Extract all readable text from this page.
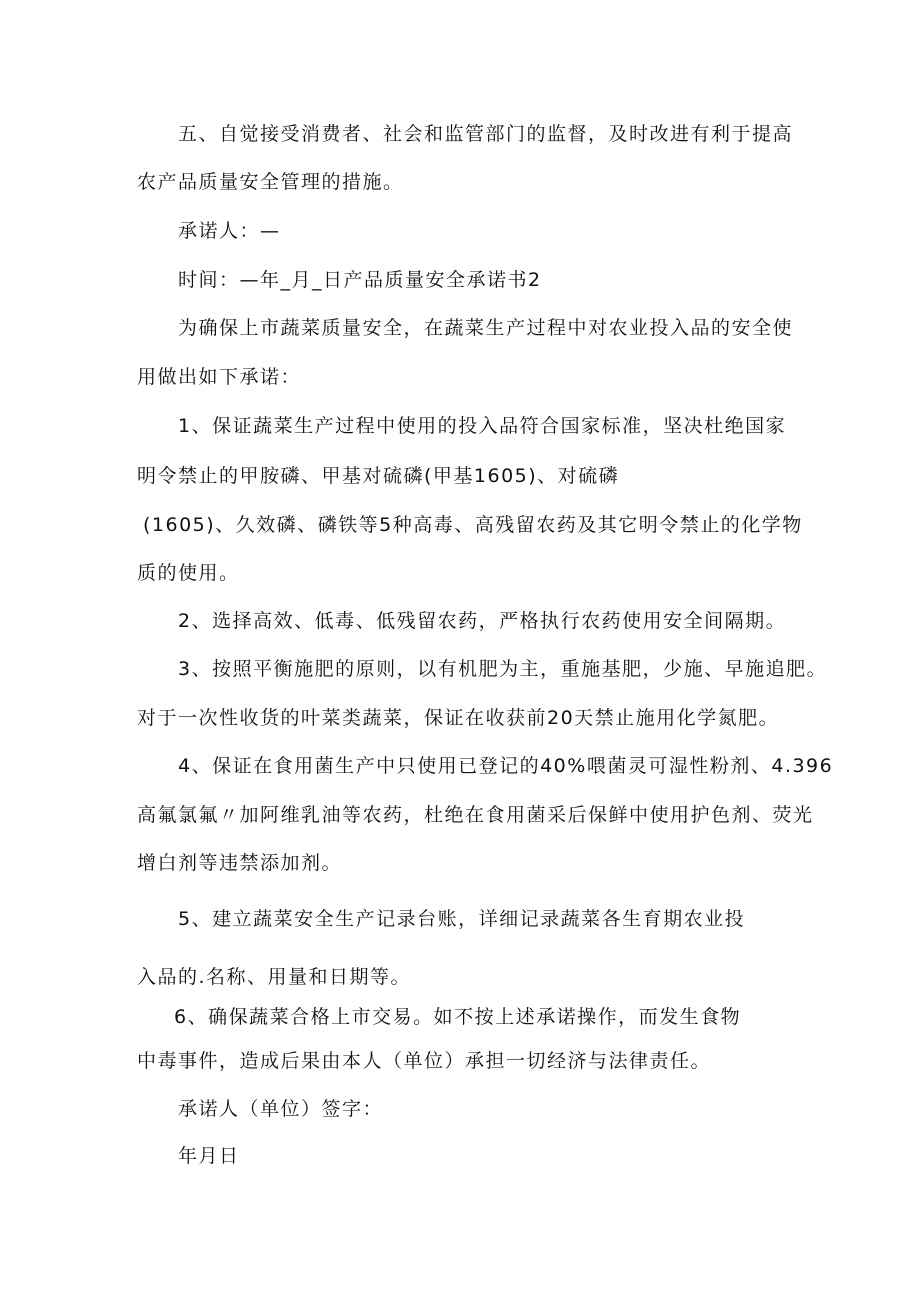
五、自觉接受消费者、社会和监管部门的监督，及时改进有利于提高
农产品质量安全管理的措施。
承诺人：—
时间：—年_月_日产品质量安全承诺书2
为确保上市蔬菜质量安全，在蔬菜生产过程中对农业投入品的安全使
用做出如下承诺：
1、保证蔬菜生产过程中使用的投入品符合国家标准，坚决杜绝国家
明令禁止的甲胺磷、甲基对硫磷(甲基1605)、对硫磷
(1605)、久效磷、磷铁等5种高毒、高残留农药及其它明令禁止的化学物
质的使用。
2、选择高效、低毒、低残留农药，严格执行农药使用安全间隔期。
3、按照平衡施肥的原则，以有机肥为主，重施基肥，少施、早施追肥。
对于一次性收货的叶菜类蔬菜，保证在收获前20天禁止施用化学氮肥。
4、保证在食用菌生产中只使用已登记的40%喂菌灵可湿性粉剂、4.396
高氟氯氟〃加阿维乳油等农药，杜绝在食用菌采后保鲜中使用护色剂、荧光
增白剂等违禁添加剂。
5、建立蔬菜安全生产记录台账，详细记录蔬菜各生育期农业投
入品的.名称、用量和日期等。
6、确保蔬菜合格上市交易。如不按上述承诺操作，而发生食物
中毒事件，造成后果由本人（单位）承担一切经济与法律责任。
承诺人（单位）签字：
年月日
